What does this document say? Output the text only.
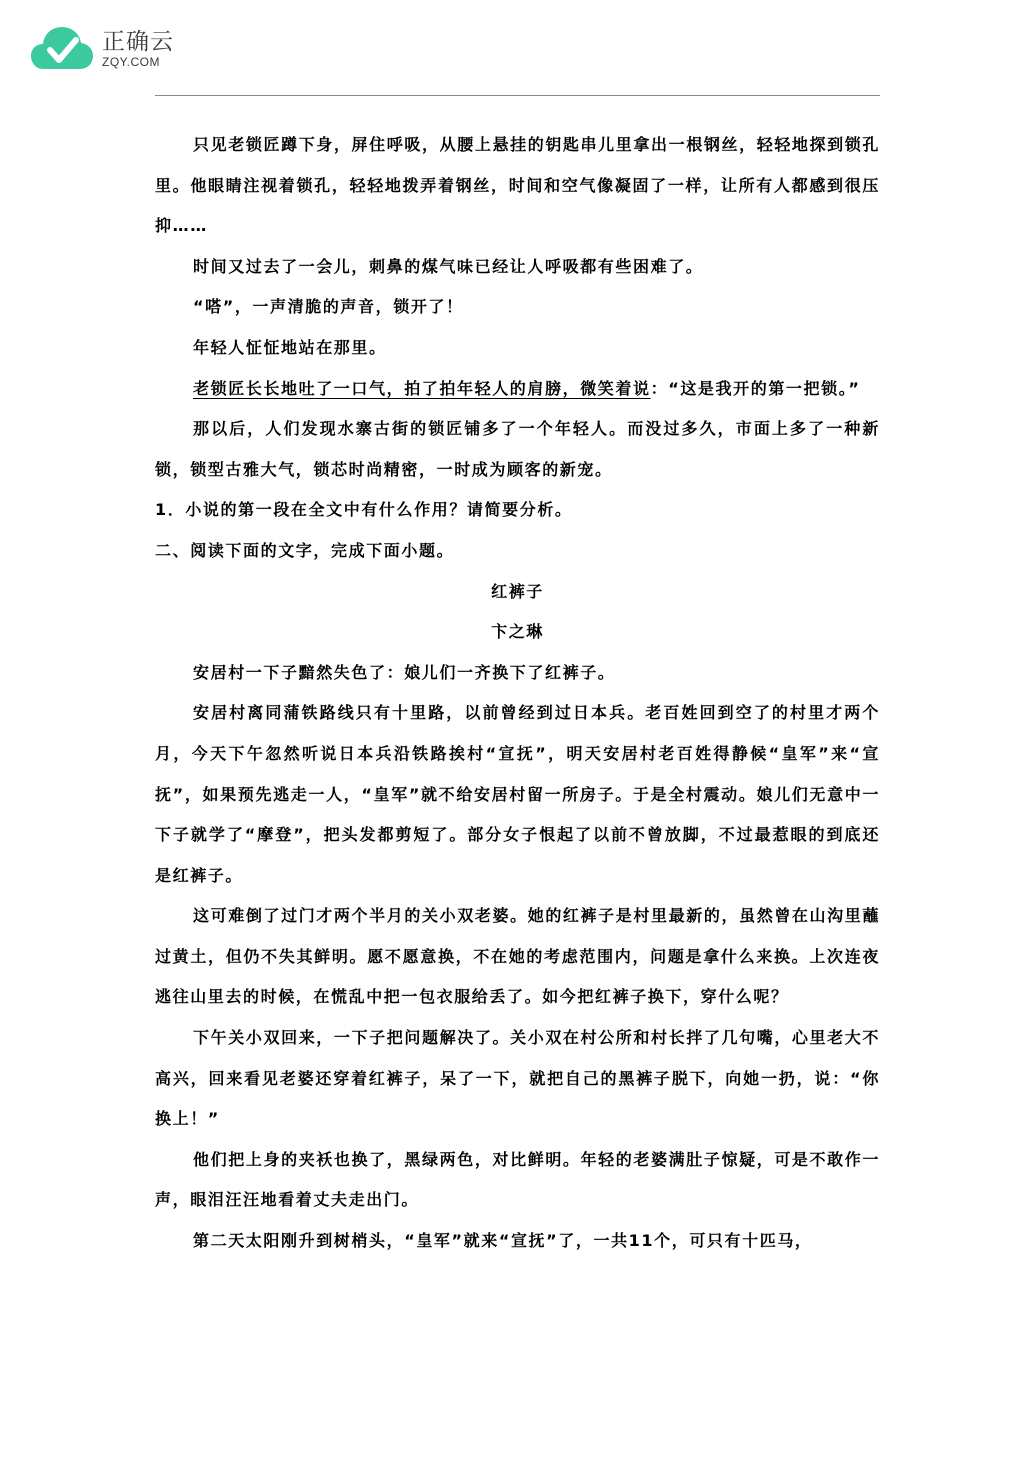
正确云
ZQY.COM

只见老锁匠蹲下身，屏住呼吸，从腰上悬挂的钥匙串儿里拿出一根钢丝，轻轻地探到锁孔里。他眼睛注视着锁孔，轻轻地拨弄着钢丝，时间和空气像凝固了一样，让所有人都感到很压抑……

时间又过去了一会儿，刺鼻的煤气味已经让人呼吸都有些困难了。

“嗒”，一声清脆的声音，锁开了！

年轻人怔怔地站在那里。

老锁匠长长地吐了一口气，拍了拍年轻人的肩膀，微笑着说：“这是我开的第一把锁。”

那以后，人们发现水寨古街的锁匠铺多了一个年轻人。而没过多久，市面上多了一种新锁，锁型古雅大气，锁芯时尚精密，一时成为顾客的新宠。

1．小说的第一段在全文中有什么作用？请简要分析。

二、阅读下面的文字，完成下面小题。

红裤子

卞之琳

安居村一下子黯然失色了：娘儿们一齐换下了红裤子。

安居村离同蒲铁路线只有十里路，以前曾经到过日本兵。老百姓回到空了的村里才两个月，今天下午忽然听说日本兵沿铁路挨村“宣抚”，明天安居村老百姓得静候“皇军”来“宣抚”，如果预先逃走一人，“皇军”就不给安居村留一所房子。于是全村震动。娘儿们无意中一下子就学了“摩登”，把头发都剪短了。部分女子恨起了以前不曾放脚，不过最惹眼的到底还是红裤子。

这可难倒了过门才两个半月的关小双老婆。她的红裤子是村里最新的，虽然曾在山沟里蘸过黄土，但仍不失其鲜明。愿不愿意换，不在她的考虑范围内，问题是拿什么来换。上次连夜逃往山里去的时候，在慌乱中把一包衣服给丢了。如今把红裤子换下，穿什么呢？

下午关小双回来，一下子把问题解决了。关小双在村公所和村长拌了几句嘴，心里老大不高兴，回来看见老婆还穿着红裤子，呆了一下，就把自己的黑裤子脱下，向她一扔，说：“你换上！”

他们把上身的夹袄也换了，黑绿两色，对比鲜明。年轻的老婆满肚子惊疑，可是不敢作一声，眼泪汪汪地看着丈夫走出门。

第二天太阳刚升到树梢头，“皇军”就来“宣抚”了，一共11个，可只有十匹马，
